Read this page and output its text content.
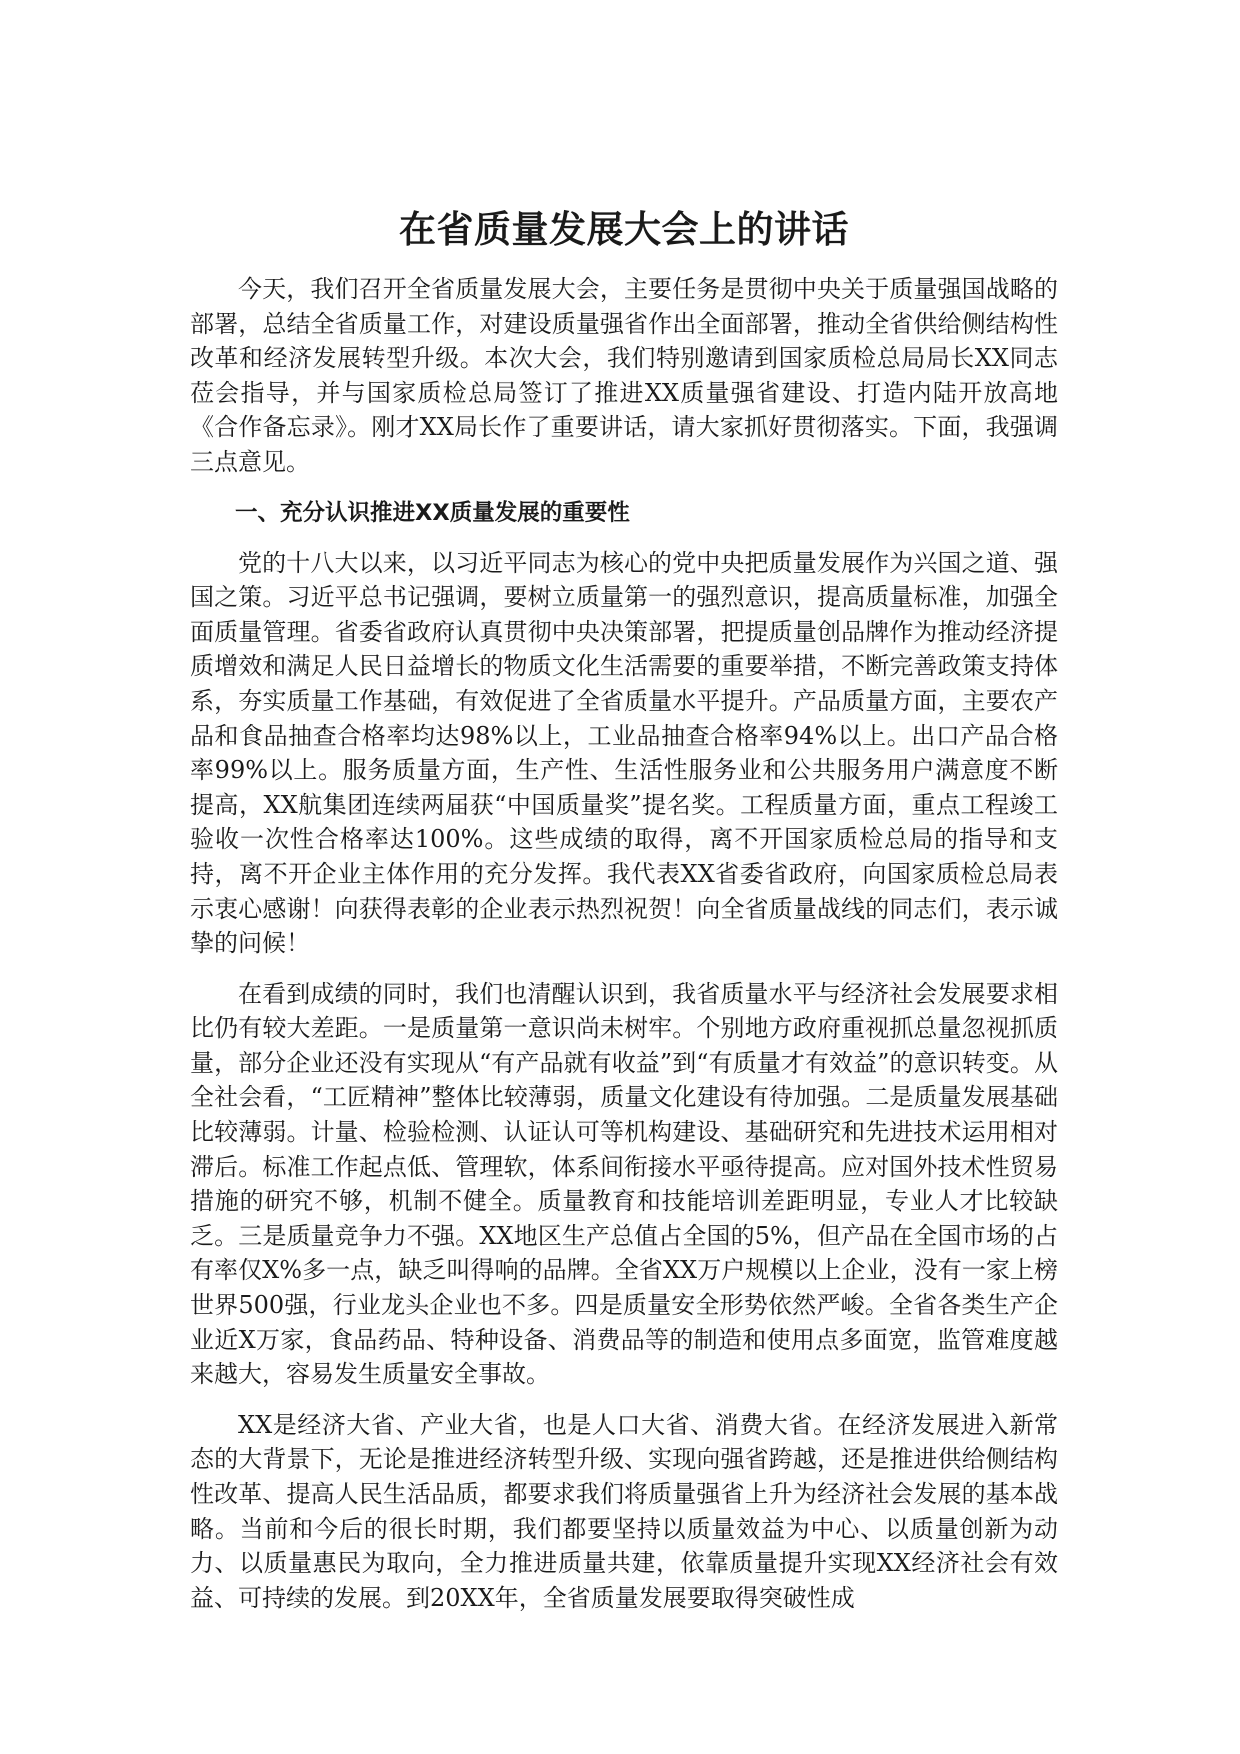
在省质量发展大会上的讲话

今天，我们召开全省质量发展大会，主要任务是贯彻中央关于质量强国战略的部署，总结全省质量工作，对建设质量强省作出全面部署，推动全省供给侧结构性改革和经济发展转型升级。本次大会，我们特别邀请到国家质检总局局长XX同志莅会指导，并与国家质检总局签订了推进XX质量强省建设、打造内陆开放高地《合作备忘录》。刚才XX局长作了重要讲话，请大家抓好贯彻落实。下面，我强调三点意见。

一、充分认识推进XX质量发展的重要性

党的十八大以来，以习近平同志为核心的党中央把质量发展作为兴国之道、强国之策。习近平总书记强调，要树立质量第一的强烈意识，提高质量标准，加强全面质量管理。省委省政府认真贯彻中央决策部署，把提质量创品牌作为推动经济提质增效和满足人民日益增长的物质文化生活需要的重要举措，不断完善政策支持体系，夯实质量工作基础，有效促进了全省质量水平提升。产品质量方面，主要农产品和食品抽查合格率均达98%以上，工业品抽查合格率94%以上。出口产品合格率99%以上。服务质量方面，生产性、生活性服务业和公共服务用户满意度不断提高，XX航集团连续两届获“中国质量奖”提名奖。工程质量方面，重点工程竣工验收一次性合格率达100%。这些成绩的取得，离不开国家质检总局的指导和支持，离不开企业主体作用的充分发挥。我代表XX省委省政府，向国家质检总局表示衷心感谢！向获得表彰的企业表示热烈祝贺！向全省质量战线的同志们，表示诚挚的问候！

在看到成绩的同时，我们也清醒认识到，我省质量水平与经济社会发展要求相比仍有较大差距。一是质量第一意识尚未树牢。个别地方政府重视抓总量忽视抓质量，部分企业还没有实现从“有产品就有收益”到“有质量才有效益”的意识转变。从全社会看，“工匠精神”整体比较薄弱，质量文化建设有待加强。二是质量发展基础比较薄弱。计量、检验检测、认证认可等机构建设、基础研究和先进技术运用相对滞后。标准工作起点低、管理软，体系间衔接水平亟待提高。应对国外技术性贸易措施的研究不够，机制不健全。质量教育和技能培训差距明显，专业人才比较缺乏。三是质量竞争力不强。XX地区生产总值占全国的5%，但产品在全国市场的占有率仅X%多一点，缺乏叫得响的品牌。全省XX万户规模以上企业，没有一家上榜世界500强，行业龙头企业也不多。四是质量安全形势依然严峻。全省各类生产企业近X万家，食品药品、特种设备、消费品等的制造和使用点多面宽，监管难度越来越大，容易发生质量安全事故。

XX是经济大省、产业大省，也是人口大省、消费大省。在经济发展进入新常态的大背景下，无论是推进经济转型升级、实现向强省跨越，还是推进供给侧结构性改革、提高人民生活品质，都要求我们将质量强省上升为经济社会发展的基本战略。当前和今后的很长时期，我们都要坚持以质量效益为中心、以质量创新为动力、以质量惠民为取向，全力推进质量共建，依靠质量提升实现XX经济社会有效益、可持续的发展。到20XX年，全省质量发展要取得突破性成
